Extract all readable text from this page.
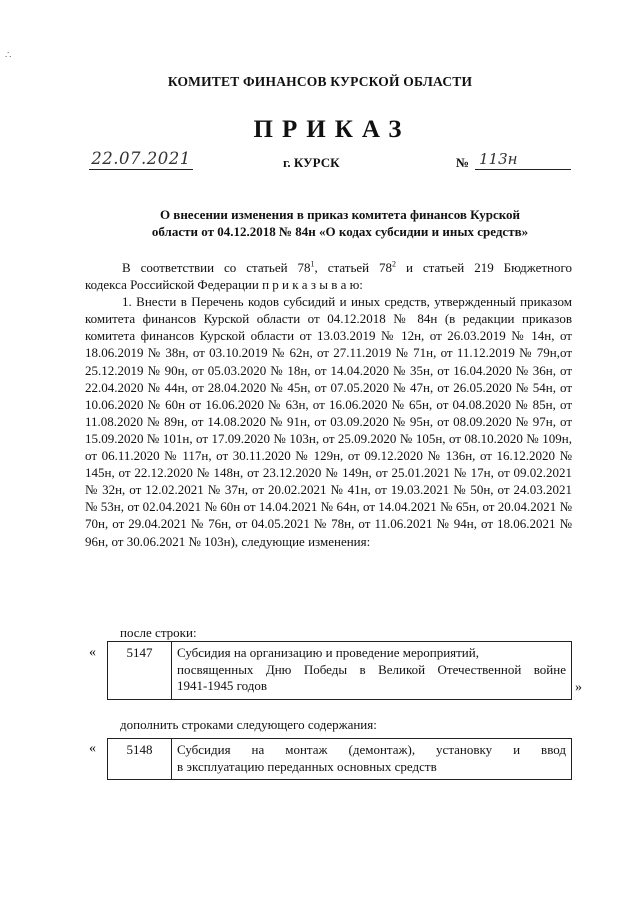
∴
КОМИТЕТ ФИНАНСОВ КУРСКОЙ ОБЛАСТИ
ПРИКАЗ
22.07.2021	г. КУРСК	№ 113н
О внесении изменения в приказ комитета финансов Курской
области от 04.12.2018 № 84н «О кодах субсидии и иных средств»
В соответствии со статьей $78^1$, статьей $78^2$ и статьей 219 Бюджетного
кодекса Российской Федерации п р и к а з ы в а ю:
1. Внести в Перечень кодов субсидий и иных средств, утвержденный приказом комитета финансов Курской области от 04.12.2018 № 84н (в редакции приказов комитета финансов Курской области от 13.03.2019 № 12н, от 26.03.2019 № 14н, от 18.06.2019 № 38н, от 03.10.2019 № 62н, от 27.11.2019 № 71н, от 11.12.2019 № 79н,от 25.12.2019 № 90н, от 05.03.2020 № 18н, от 14.04.2020 № 35н, от 16.04.2020 № 36н, от 22.04.2020 № 44н, от 28.04.2020 № 45н, от 07.05.2020 № 47н, от 26.05.2020 № 54н, от 10.06.2020 № 60н от 16.06.2020 № 63н, от 16.06.2020 № 65н, от 04.08.2020 № 85н, от 11.08.2020 № 89н, от 14.08.2020 № 91н, от 03.09.2020 № 95н, от 08.09.2020 № 97н, от 15.09.2020 № 101н, от 17.09.2020 № 103н, от 25.09.2020 № 105н, от 08.10.2020 № 109н, от 06.11.2020 № 117н, от 30.11.2020 № 129н, от 09.12.2020 № 136н, от 16.12.2020 № 145н, от 22.12.2020 № 148н, от 23.12.2020 № 149н, от 25.01.2021 № 17н, от 09.02.2021 № 32н, от 12.02.2021 № 37н, от 20.02.2021 № 41н, от 19.03.2021 № 50н, от 24.03.2021 № 53н, от 02.04.2021 № 60н от 14.04.2021 № 64н, от 14.04.2021 № 65н, от 20.04.2021 № 70н, от 29.04.2021 № 76н, от 04.05.2021 № 78н, от 11.06.2021 № 94н, от 18.06.2021 № 96н, от 30.06.2021 № 103н), следующие изменения:
после строки:
« 5147	Субсидия на организацию и проведение мероприятий,
посвященных Дню Победы в Великой Отечественной войне
1941-1945 годов	»
дополнить строками следующего содержания:
« 5148	Субсидия на монтаж (демонтаж), установку и ввод
в эксплуатацию переданных основных средств
